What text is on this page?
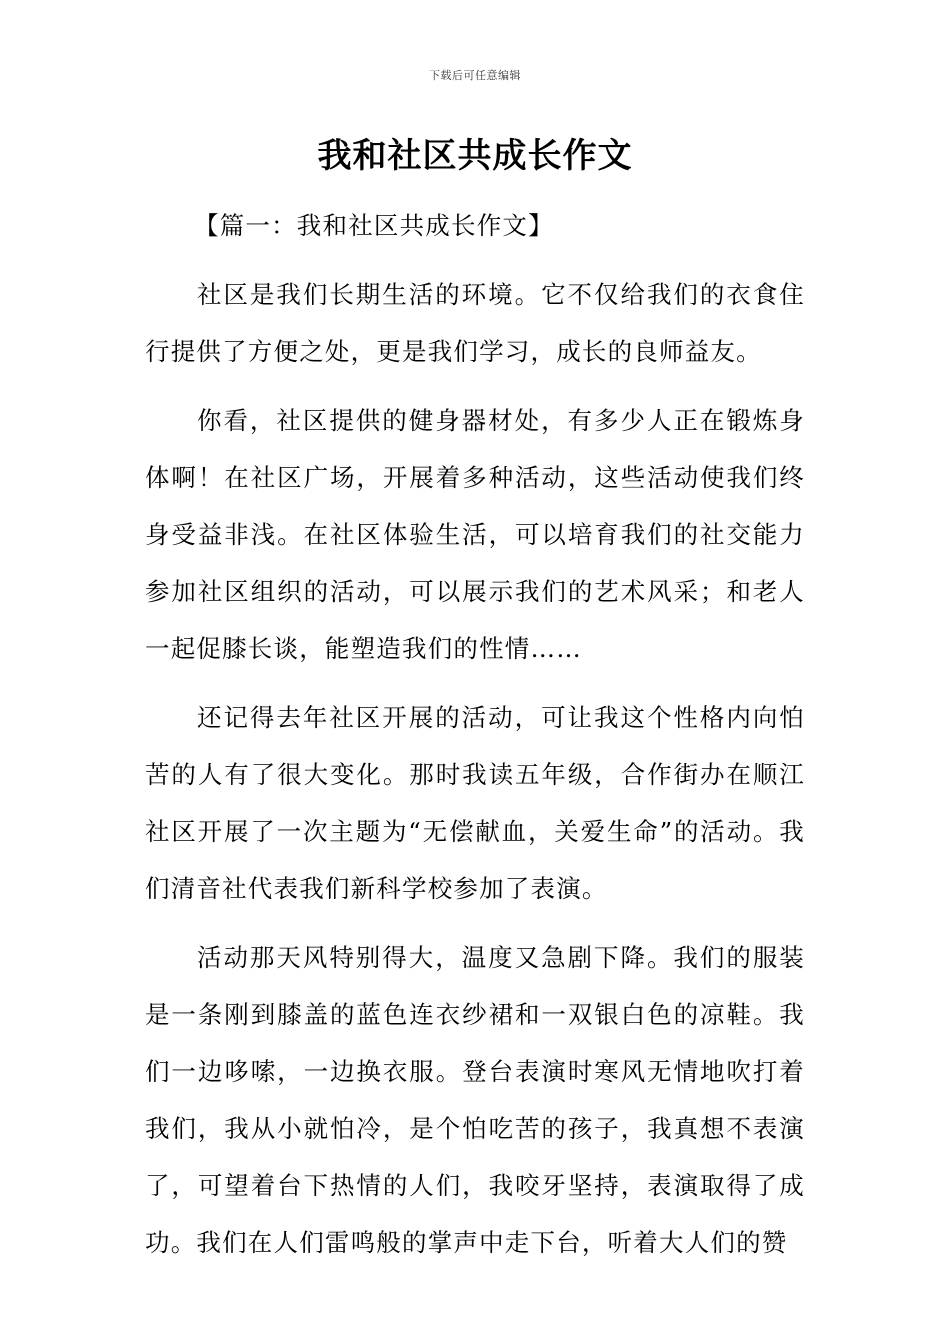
下载后可任意编辑
我和社区共成长作文

【篇一：我和社区共成长作文】

社区是我们长期生活的环境。它不仅给我们的衣食住行提供了方便之处，更是我们学习，成长的良师益友。

你看，社区提供的健身器材处，有多少人正在锻炼身体啊！在社区广场，开展着多种活动，这些活动使我们终身受益非浅。在社区体验生活，可以培育我们的社交能力参加社区组织的活动，可以展示我们的艺术风采；和老人一起促膝长谈，能塑造我们的性情……

还记得去年社区开展的活动，可让我这个性格内向怕苦的人有了很大变化。那时我读五年级，合作街办在顺江社区开展了一次主题为“无偿献血，关爱生命”的活动。我们清音社代表我们新科学校参加了表演。

活动那天风特别得大，温度又急剧下降。我们的服装是一条刚到膝盖的蓝色连衣纱裙和一双银白色的凉鞋。我们一边哆嗦，一边换衣服。登台表演时寒风无情地吹打着我们，我从小就怕冷，是个怕吃苦的孩子，我真想不表演了，可望着台下热情的人们，我咬牙坚持，表演取得了成功。我们在人们雷鸣般的掌声中走下台，听着大人们的赞
